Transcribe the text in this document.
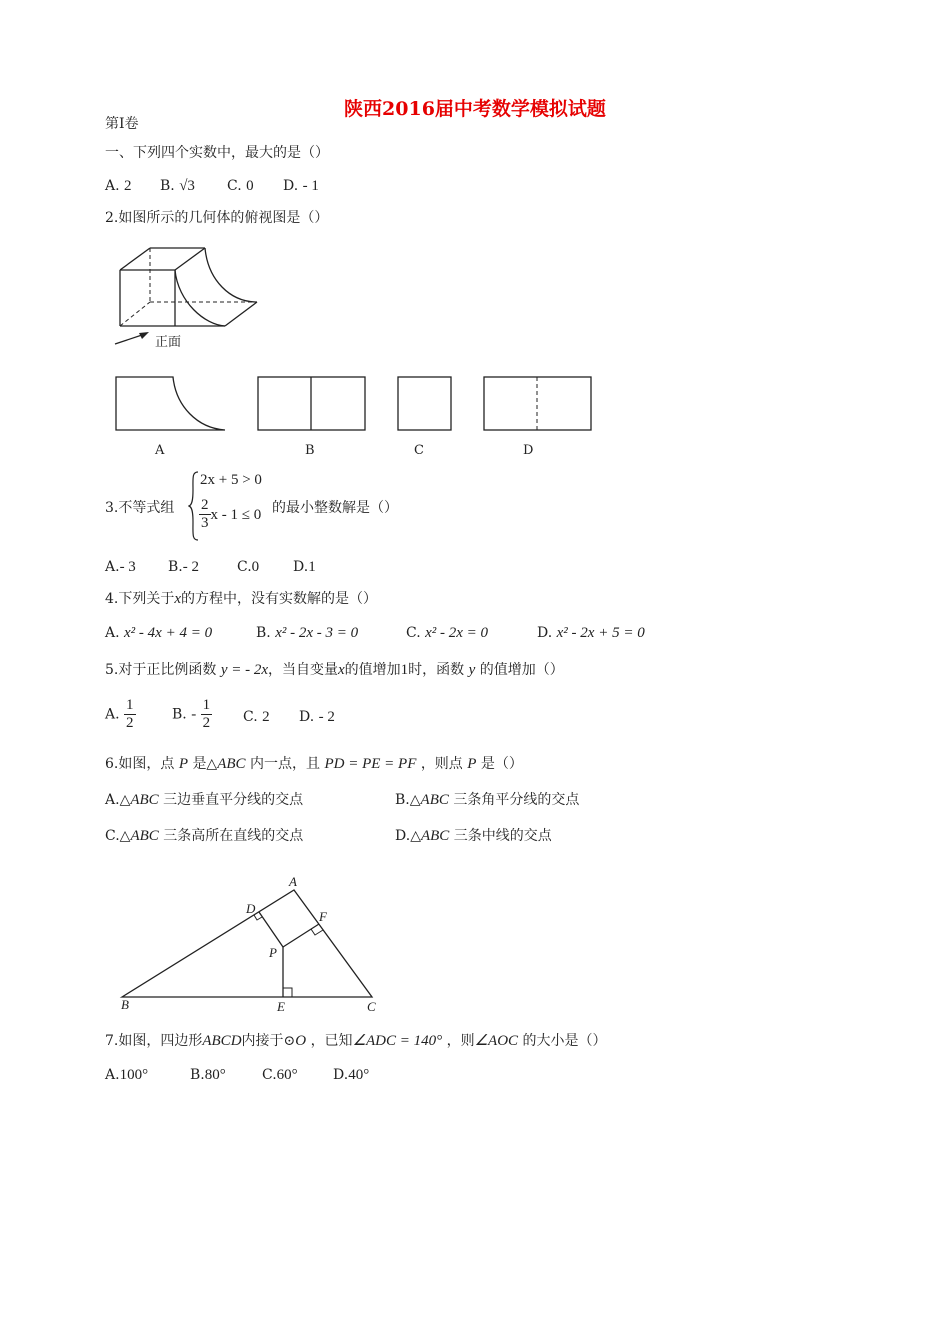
陕西2016届中考数学模拟试题
第I卷
一、下列四个实数中，最大的是（）
A. 2 B. √3 C. 0 D. - 1
2.如图所示的几何体的俯视图是（）
正面
A	B	C	D
3.不等式组
2x + 5 > 0
$\frac{2}{3}$ x - 1 ≤ 0 的最小整数解是（）
A.- 3 B.- 2	C.0 D.1
4.下列关于x的方程中，没有实数解的是（）
A. x² - 4x + 4 = 0	B. x² - 2x - 3 = 0	C. x² - 2x = 0	D. x² - 2x + 5 = 0
5.对于正比例函数 y = - 2x，当自变量x的值增加1时，函数 y 的值增加（）
A. $\frac{1}{2}$	B. - $\frac{1}{2} C$. 2 D. - 2
6.如图，点 P 是△ABC 内一点，且 PD = PE = PF ，则点 P 是（）
A.△ABC 三边垂直平分线的交点	B.△ABC 三条角平分线的交点
C.△ABC 三条高所在直线的交点	D.△ABC 三条中线的交点
A
D
F
P
B	E	C
7.如图，四边形ABCD内接于⊙O ，已知∠ADC = 140° ，则∠AOC 的大小是（）
A.100°	B.80°	C.60°	D.40°
